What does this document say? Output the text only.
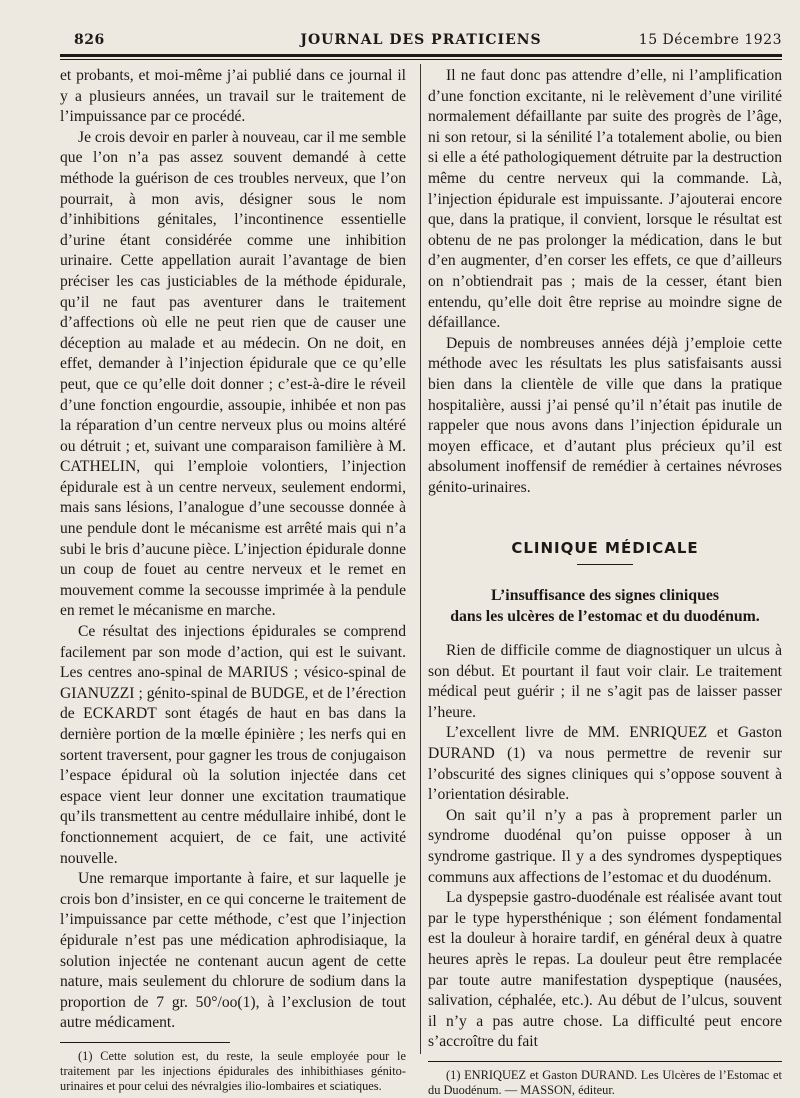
826	JOURNAL DES PRATICIENS	15 Décembre 1923

et probants, et moi-même j’ai publié dans ce journal il y a plusieurs années, un travail sur le traitement de l’impuissance par ce procédé.

Je crois devoir en parler à nouveau, car il me semble que l’on n’a pas assez souvent demandé à cette méthode la guérison de ces troubles nerveux, que l’on pourrait, à mon avis, désigner sous le nom d’inhibitions génitales, l’incontinence essentielle d’urine étant considérée comme une inhibition urinaire. Cette appellation aurait l’avantage de bien préciser les cas justiciables de la méthode épidurale, qu’il ne faut pas aventurer dans le traitement d’affections où elle ne peut rien que de causer une déception au malade et au médecin. On ne doit, en effet, demander à l’injection épidurale que ce qu’elle peut, que ce qu’elle doit donner ; c’est-à-dire le réveil d’une fonction engourdie, assoupie, inhibée et non pas la réparation d’un centre nerveux plus ou moins altéré ou détruit ; et, suivant une comparaison familière à M. CATHELIN, qui l’emploie volontiers, l’injection épidurale est à un centre nerveux, seulement endormi, mais sans lésions, l’analogue d’une secousse donnée à une pendule dont le mécanisme est arrêté mais qui n’a subi le bris d’aucune pièce. L’injection épidurale donne un coup de fouet au centre nerveux et le remet en mouvement comme la secousse imprimée à la pendule en remet le mécanisme en marche.

Ce résultat des injections épidurales se comprend facilement par son mode d’action, qui est le suivant. Les centres ano-spinal de MARIUS ; vésico-spinal de GIANUZZI ; génito-spinal de BUDGE, et de l’érection de ECKARDT sont étagés de haut en bas dans la dernière portion de la mœlle épinière ; les nerfs qui en sortent traversent, pour gagner les trous de conjugaison l’espace épidural où la solution injectée dans cet espace vient leur donner une excitation traumatique qu’ils transmettent au centre médullaire inhibé, dont le fonctionnement acquiert, de ce fait, une activité nouvelle.

Une remarque importante à faire, et sur laquelle je crois bon d’insister, en ce qui concerne le traitement de l’impuissance par cette méthode, c’est que l’injection épidurale n’est pas une médication aphrodisiaque, la solution injectée ne contenant aucun agent de cette nature, mais seulement du chlorure de sodium dans la proportion de 7 gr. 50°/oo(1), à l’exclusion de tout autre médicament.

(1) Cette solution est, du reste, la seule employée pour le traitement par les injections épidurales des inhibithiases génito-urinaires et pour celui des névralgies ilio-lombaires et sciatiques.

Il ne faut donc pas attendre d’elle, ni l’amplification d’une fonction excitante, ni le relèvement d’une virilité normalement défaillante par suite des progrès de l’âge, ni son retour, si la sénilité l’a totalement abolie, ou bien si elle a été pathologiquement détruite par la destruction même du centre nerveux qui la commande. Là, l’injection épidurale est impuissante. J’ajouterai encore que, dans la pratique, il convient, lorsque le résultat est obtenu de ne pas prolonger la médication, dans le but d’en augmenter, d’en corser les effets, ce que d’ailleurs on n’obtiendrait pas ; mais de la cesser, étant bien entendu, qu’elle doit être reprise au moindre signe de défaillance.

Depuis de nombreuses années déjà j’emploie cette méthode avec les résultats les plus satisfaisants aussi bien dans la clientèle de ville que dans la pratique hospitalière, aussi j’ai pensé qu’il n’était pas inutile de rappeler que nous avons dans l’injection épidurale un moyen efficace, et d’autant plus précieux qu’il est absolument inoffensif de remédier à certaines névroses génito-urinaires.

CLINIQUE MÉDICALE
L’insuffisance des signes cliniques
dans les ulcères de l’estomac et du duodénum.

Rien de difficile comme de diagnostiquer un ulcus à son début. Et pourtant il faut voir clair. Le traitement médical peut guérir ; il ne s’agit pas de laisser passer l’heure.

L’excellent livre de MM. ENRIQUEZ et Gaston DURAND (1) va nous permettre de revenir sur l’obscurité des signes cliniques qui s’oppose souvent à l’orientation désirable.

On sait qu’il n’y a pas à proprement parler un syndrome duodénal qu’on puisse opposer à un syndrome gastrique. Il y a des syndromes dyspeptiques communs aux affections de l’estomac et du duodénum.

La dyspepsie gastro-duodénale est réalisée avant tout par le type hypersthénique ; son élément fondamental est la douleur à horaire tardif, en général deux à quatre heures après le repas. La douleur peut être remplacée par toute autre manifestation dyspeptique (nausées, salivation, céphalée, etc.). Au début de l’ulcus, souvent il n’y a pas autre chose. La difficulté peut encore s’accroître du fait

(1) ENRIQUEZ et Gaston DURAND. Les Ulcères de l’Estomac et du Duodénum. — MASSON, éditeur.
